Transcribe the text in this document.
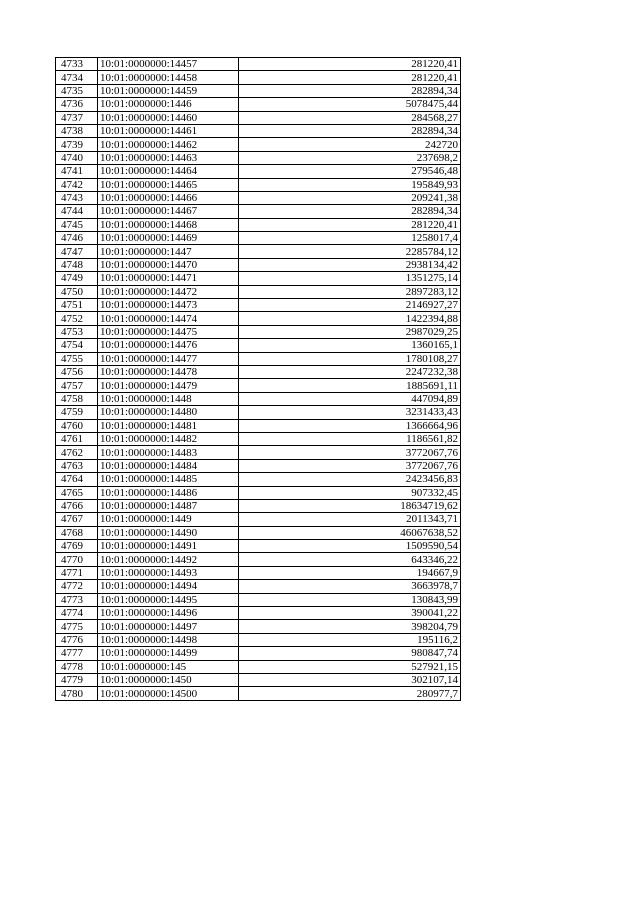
4733	10:01:0000000:14457	281220,41
4734	10:01:0000000:14458	281220,41
4735	10:01:0000000:14459	282894,34
4736	10:01:0000000:1446	5078475,44
4737	10:01:0000000:14460	284568,27
4738	10:01:0000000:14461	282894,34
4739	10:01:0000000:14462	242720
4740	10:01:0000000:14463	237698,2
4741	10:01:0000000:14464	279546,48
4742	10:01:0000000:14465	195849,93
4743	10:01:0000000:14466	209241,38
4744	10:01:0000000:14467	282894,34
4745	10:01:0000000:14468	281220,41
4746	10:01:0000000:14469	1258017,4
4747	10:01:0000000:1447	2285784,12
4748	10:01:0000000:14470	2938134,42
4749	10:01:0000000:14471	1351275,14
4750	10:01:0000000:14472	2897283,12
4751	10:01:0000000:14473	2146927,27
4752	10:01:0000000:14474	1422394,88
4753	10:01:0000000:14475	2987029,25
4754	10:01:0000000:14476	1360165,1
4755	10:01:0000000:14477	1780108,27
4756	10:01:0000000:14478	2247232,38
4757	10:01:0000000:14479	1885691,11
4758	10:01:0000000:1448	447094,89
4759	10:01:0000000:14480	3231433,43
4760	10:01:0000000:14481	1366664,96
4761	10:01:0000000:14482	1186561,82
4762	10:01:0000000:14483	3772067,76
4763	10:01:0000000:14484	3772067,76
4764	10:01:0000000:14485	2423456,83
4765	10:01:0000000:14486	907332,45
4766	10:01:0000000:14487	18634719,62
4767	10:01:0000000:1449	2011343,71
4768	10:01:0000000:14490	46067638,52
4769	10:01:0000000:14491	1509590,54
4770	10:01:0000000:14492	643346,22
4771	10:01:0000000:14493	194667,9
4772	10:01:0000000:14494	3663978,7
4773	10:01:0000000:14495	130843,99
4774	10:01:0000000:14496	390041,22
4775	10:01:0000000:14497	398204,79
4776	10:01:0000000:14498	195116,2
4777	10:01:0000000:14499	980847,74
4778	10:01:0000000:145	527921,15
4779	10:01:0000000:1450	302107,14
4780	10:01:0000000:14500	280977,7
